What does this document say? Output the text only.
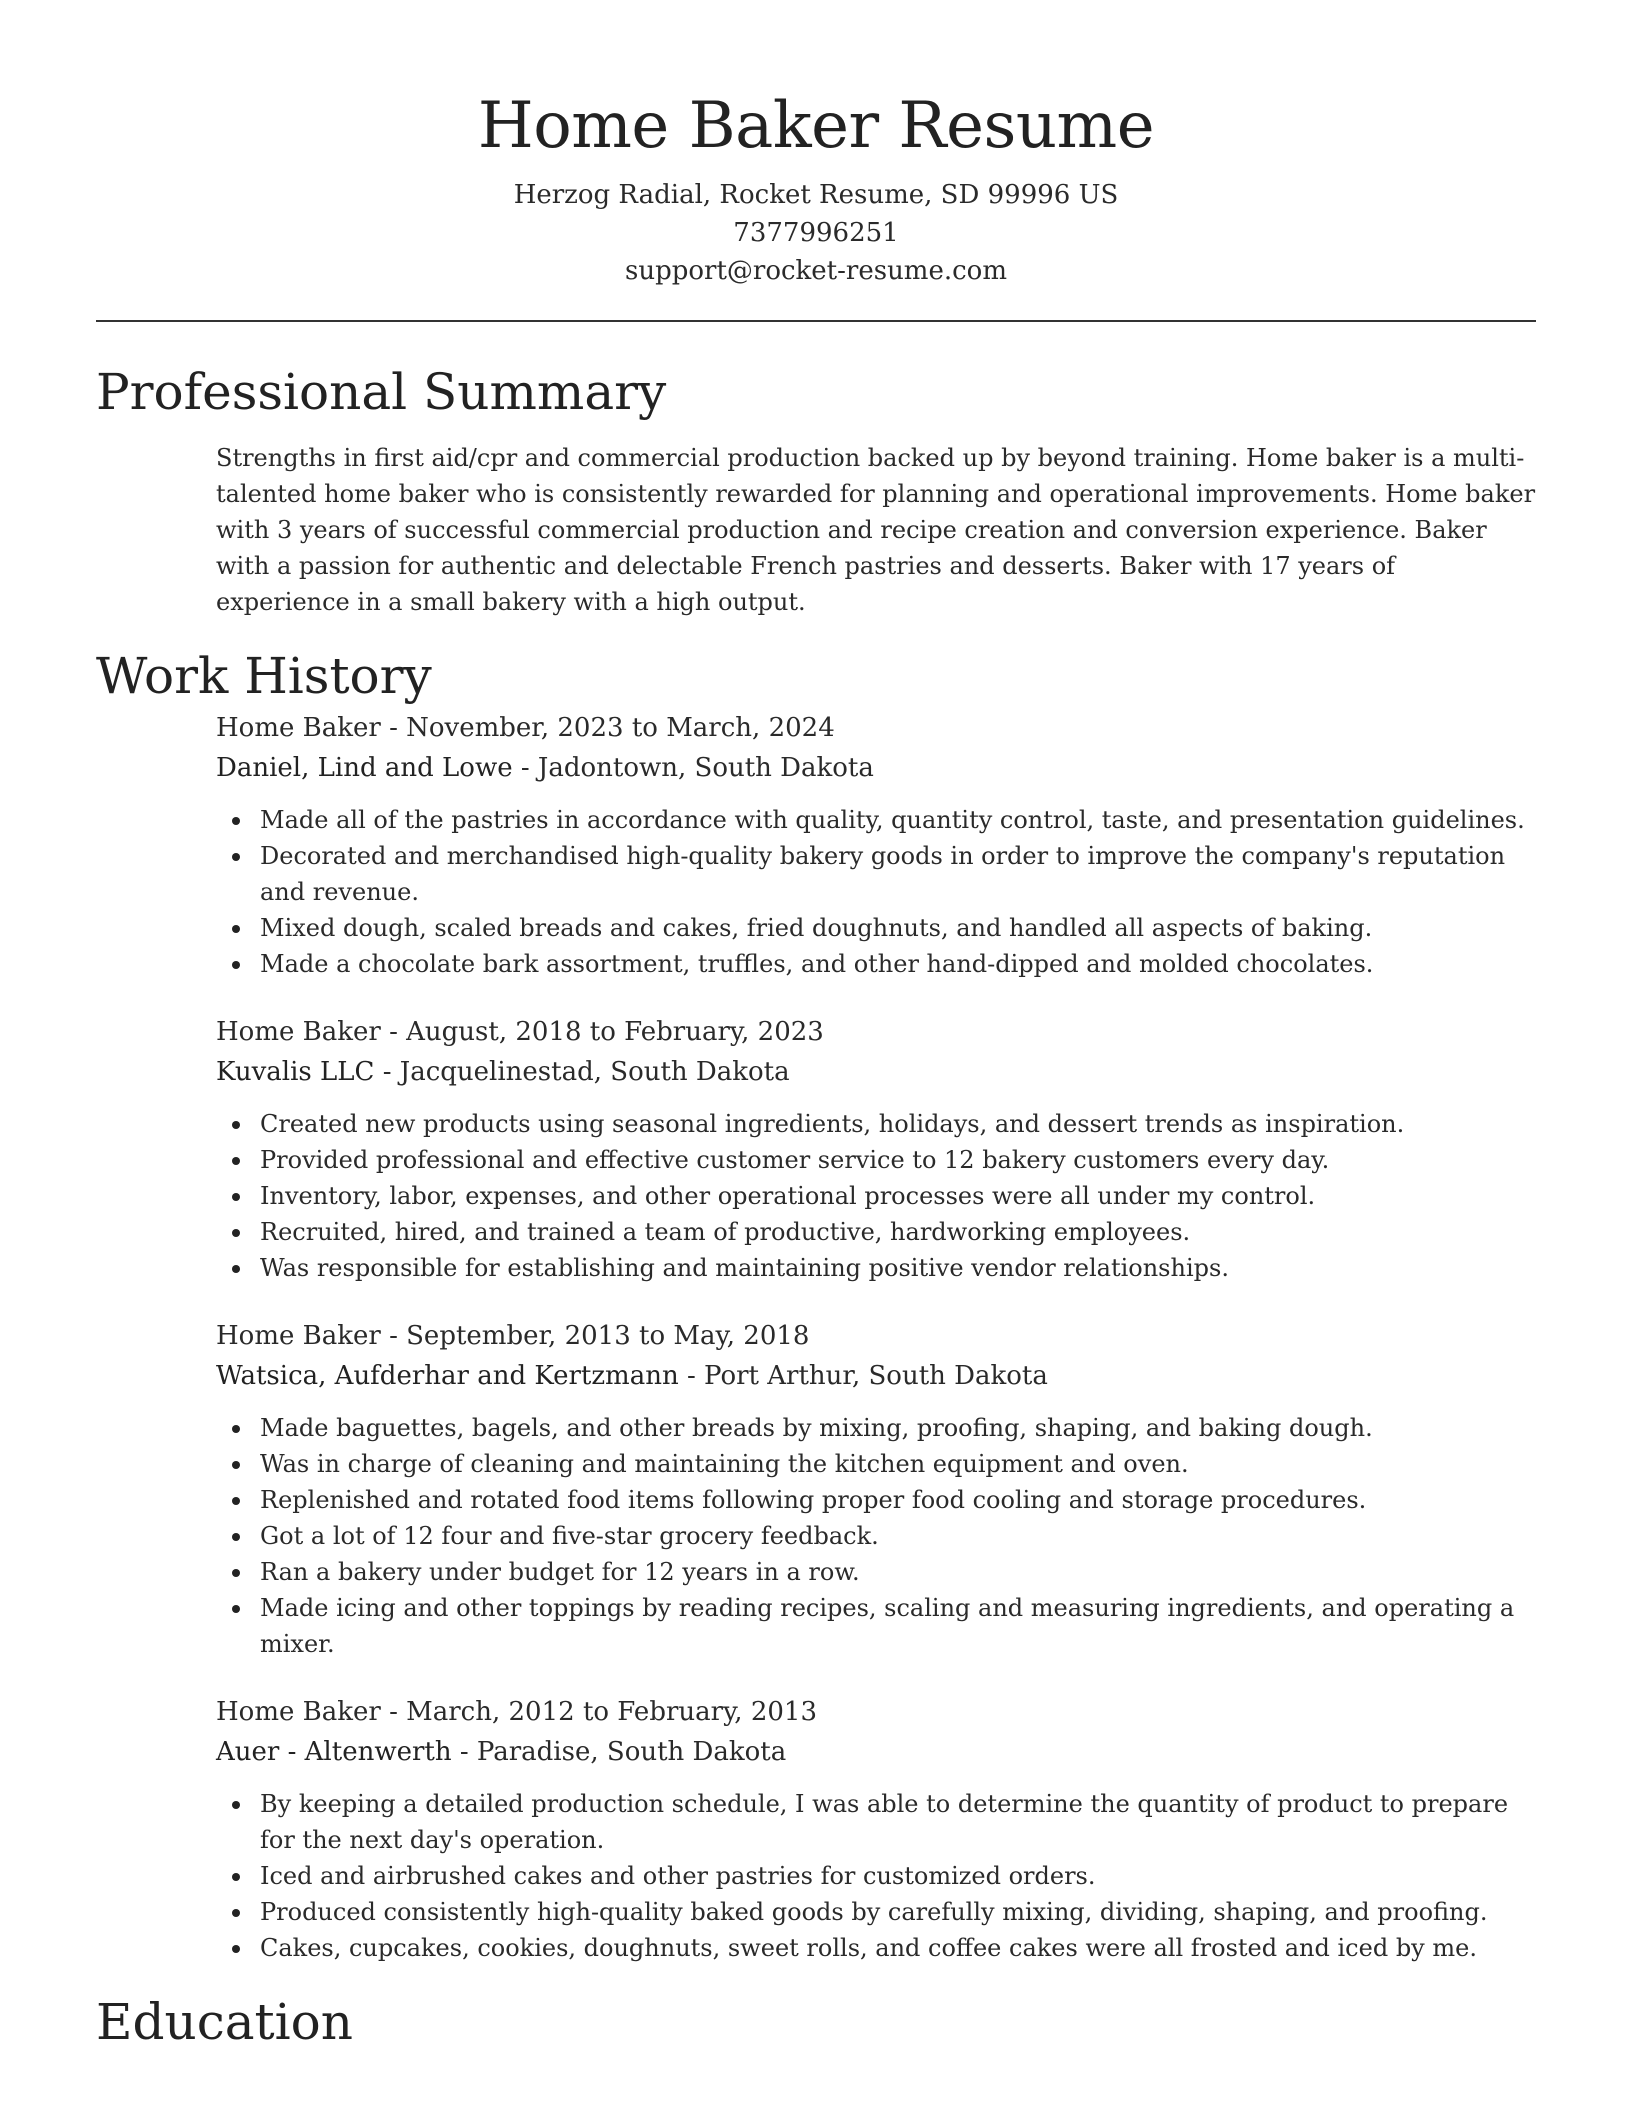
Home Baker Resume
Herzog Radial, Rocket Resume, SD 99996 US
7377996251
support@rocket-resume.com
Professional Summary
Strengths in first aid/cpr and commercial production backed up by beyond training. Home baker is a multi-talented home baker who is consistently rewarded for planning and operational improvements. Home baker with 3 years of successful commercial production and recipe creation and conversion experience. Baker with a passion for authentic and delectable French pastries and desserts. Baker with 17 years of experience in a small bakery with a high output.
Work History
Home Baker - November, 2023 to March, 2024
Daniel, Lind and Lowe - Jadontown, South Dakota
Made all of the pastries in accordance with quality, quantity control, taste, and presentation guidelines.
Decorated and merchandised high-quality bakery goods in order to improve the company's reputation and revenue.
Mixed dough, scaled breads and cakes, fried doughnuts, and handled all aspects of baking.
Made a chocolate bark assortment, truffles, and other hand-dipped and molded chocolates.
Home Baker - August, 2018 to February, 2023
Kuvalis LLC - Jacquelinestad, South Dakota
Created new products using seasonal ingredients, holidays, and dessert trends as inspiration.
Provided professional and effective customer service to 12 bakery customers every day.
Inventory, labor, expenses, and other operational processes were all under my control.
Recruited, hired, and trained a team of productive, hardworking employees.
Was responsible for establishing and maintaining positive vendor relationships.
Home Baker - September, 2013 to May, 2018
Watsica, Aufderhar and Kertzmann - Port Arthur, South Dakota
Made baguettes, bagels, and other breads by mixing, proofing, shaping, and baking dough.
Was in charge of cleaning and maintaining the kitchen equipment and oven.
Replenished and rotated food items following proper food cooling and storage procedures.
Got a lot of 12 four and five-star grocery feedback.
Ran a bakery under budget for 12 years in a row.
Made icing and other toppings by reading recipes, scaling and measuring ingredients, and operating a mixer.
Home Baker - March, 2012 to February, 2013
Auer - Altenwerth - Paradise, South Dakota
By keeping a detailed production schedule, I was able to determine the quantity of product to prepare for the next day's operation.
Iced and airbrushed cakes and other pastries for customized orders.
Produced consistently high-quality baked goods by carefully mixing, dividing, shaping, and proofing.
Cakes, cupcakes, cookies, doughnuts, sweet rolls, and coffee cakes were all frosted and iced by me.
Education
